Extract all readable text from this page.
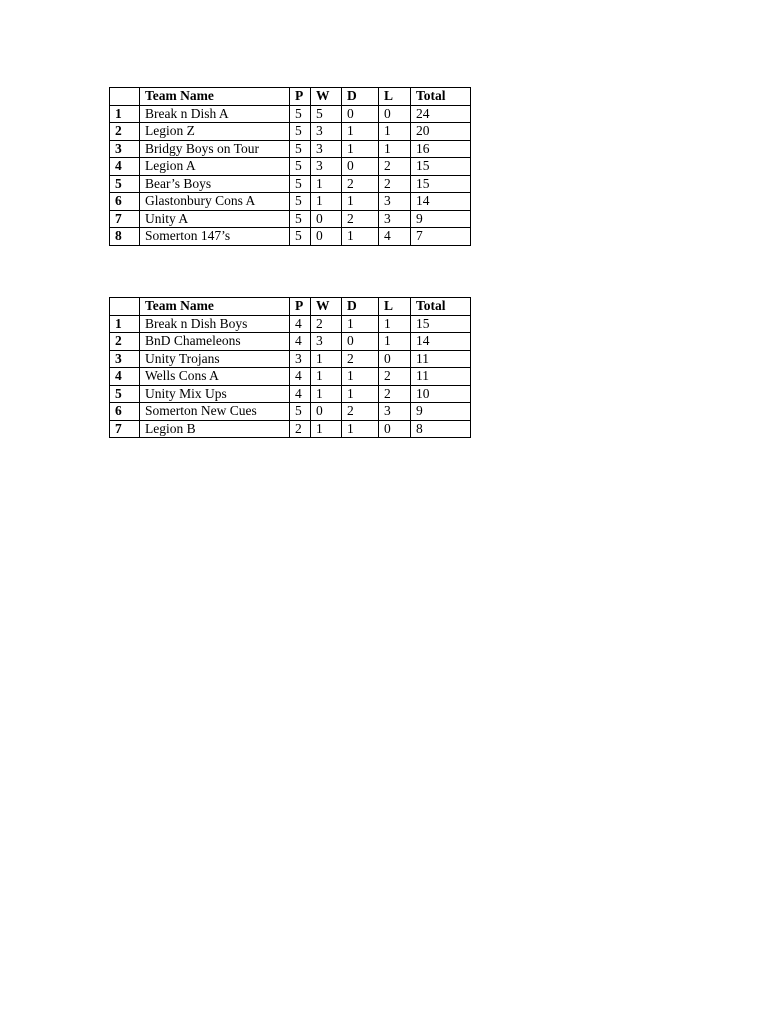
	Team Name	P	W	D	L	Total
1	Break n Dish A	5	5	0	0	24
2	Legion Z	5	3	1	1	20
3	Bridgy Boys on Tour	5	3	1	1	16
4	Legion A	5	3	0	2	15
5	Bear’s Boys	5	1	2	2	15
6	Glastonbury Cons A	5	1	1	3	14
7	Unity A	5	0	2	3	9
8	Somerton 147’s	5	0	1	4	7
	Team Name	P	W	D	L	Total
1	Break n Dish Boys	4	2	1	1	15
2	BnD Chameleons	4	3	0	1	14
3	Unity Trojans	3	1	2	0	11
4	Wells Cons A	4	1	1	2	11
5	Unity Mix Ups	4	1	1	2	10
6	Somerton New Cues	5	0	2	3	9
7	Legion B	2	1	1	0	8
